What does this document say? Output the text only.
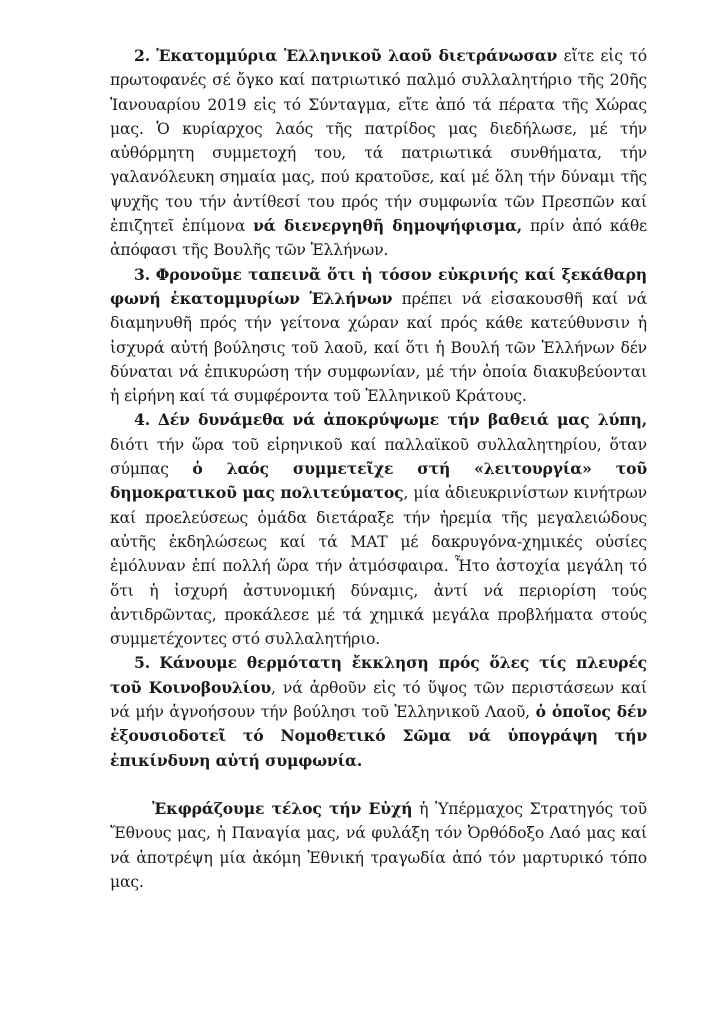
2. Ἑκατομμύρια Ἑλληνικοῦ λαοῦ διετράνωσαν εἴτε εἰς τό πρωτοφανές σέ ὄγκο καί πατριωτικό παλμό συλλαλητήριο τῆς 20ῆς Ἰανουαρίου 2019 εἰς τό Σύνταγμα, εἴτε ἀπό τά πέρατα τῆς Χώρας μας. Ὁ κυρίαρχος λαός τῆς πατρίδος μας διεδήλωσε, μέ τήν αὐθόρμητη συμμετοχή του, τά πατριωτικά συνθήματα, τήν γαλανόλευκη σημαία μας, πού κρατοῦσε, καί μέ ὅλη τήν δύναμι τῆς ψυχῆς του τήν ἀντίθεσί του πρός τήν συμφωνία τῶν Πρεσπῶν καί ἐπιζητεῖ ἐπίμονα νά διενεργηθῆ δημοψήφισμα, πρίν ἀπό κάθε ἀπόφασι τῆς Βουλῆς τῶν Ἑλλήνων.

3. Φρονοῦμε ταπεινᾶ ὅτι ἡ τόσον εὐκρινής καί ξεκάθαρη φωνή ἑκατομμυρίων Ἑλλήνων πρέπει νά εἰσακουσθῆ καί νά διαμηνυθῆ πρός τήν γείτονα χώραν καί πρός κάθε κατεύθυνσιν ἡ ἰσχυρά αὐτή βούλησις τοῦ λαοῦ, καί ὅτι ἡ Βουλή τῶν Ἑλλήνων δέν δύναται νά ἐπικυρώση τήν συμφωνίαν, μέ τήν ὁποία διακυβεύονται ἡ εἰρήνη καί τά συμφέροντα τοῦ Ἑλληνικοῦ Κράτους.

4. Δέν δυνάμεθα νά ἀποκρύψωμε τήν βαθειά μας λύπη, διότι τήν ὥρα τοῦ εἰρηνικοῦ καί παλλαϊκοῦ συλλαλητηρίου, ὅταν σύμπας ὁ λαός συμμετεῖχε στή «λειτουργία» τοῦ δημοκρατικοῦ μας πολιτεύματος, μία ἀδιευκρινίστων κινήτρων καί προελεύσεως ὁμάδα διετάραξε τήν ἠρεμία τῆς μεγαλειώδους αὐτῆς ἐκδηλώσεως καί τά ΜΑΤ μέ δακρυγόνα-χημικές οὐσίες ἐμόλυναν ἐπί πολλή ὥρα τήν ἀτμόσφαιρα. Ἦτο ἀστοχία μεγάλη τό ὅτι ἡ ἰσχυρή ἀστυνομική δύναμις, ἀντί νά περιορίση τούς ἀντιδρῶντας, προκάλεσε μέ τά χημικά μεγάλα προβλήματα στούς συμμετέχοντες στό συλλαλητήριο.

5. Κάνουμε θερμότατη ἔκκληση πρός ὅλες τίς πλευρές τοῦ Κοινοβουλίου, νά ἀρθοῦν εἰς τό ὕψος τῶν περιστάσεων καί νά μήν ἀγνοήσουν τήν βούλησι τοῦ Ἑλληνικοῦ Λαοῦ, ὁ ὁποῖος δέν ἐξουσιοδοτεῖ τό Νομοθετικό Σῶμα νά ὑπογράψη τήν ἐπικίνδυνη αὐτή συμφωνία.

Ἐκφράζουμε τέλος τήν Εὐχή ἡ Ὑπέρμαχος Στρατηγός τοῦ Ἔθνους μας, ἡ Παναγία μας, νά φυλάξη τόν Ὀρθόδοξο Λαό μας καί νά ἀποτρέψη μία ἀκόμη Ἐθνική τραγωδία ἀπό τόν μαρτυρικό τόπο μας.
